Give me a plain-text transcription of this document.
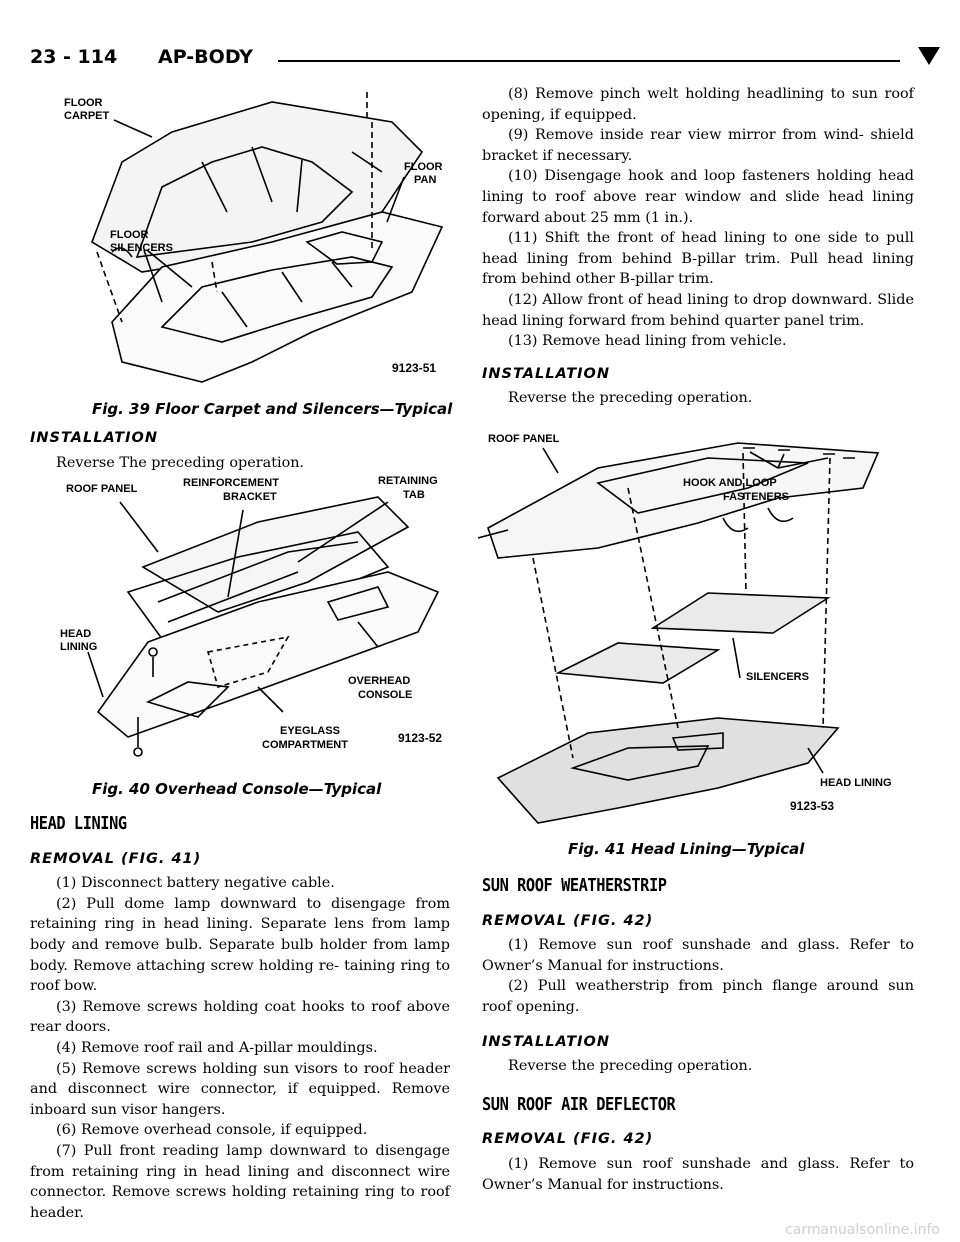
23 - 114 AP-BODY
FLOOR
CARPET
FLOOR
PAN
FLOOR
SILENCERS
9123-51
Fig. 39 Floor Carpet and Silencers—Typical
INSTALLATION

Reverse The preceding operation.

ROOF PANEL	REINFORCEMENT
BRACKET
RETAINING
TAB
HEAD
LINING
OVERHEAD
CONSOLE
EYEGLASS
COMPARTMENT	9123-52
Fig. 40 Overhead Console—Typical
HEAD LINING
REMOVAL (FIG. 41)

(1) Disconnect battery negative cable.

(2) Pull dome lamp downward to disengage from retaining ring in head lining. Separate lens from lamp body and remove bulb. Separate bulb holder from lamp body. Remove attaching screw holding re- taining ring to roof bow.

(3) Remove screws holding coat hooks to roof above rear doors.

(4) Remove roof rail and A-pillar mouldings.

(5) Remove screws holding sun visors to roof header and disconnect wire connector, if equipped. Remove inboard sun visor hangers.

(6) Remove overhead console, if equipped.

(7) Pull front reading lamp downward to disengage from retaining ring in head lining and disconnect wire connector. Remove screws holding retaining ring to roof header.

(8) Remove pinch welt holding headlining to sun roof opening, if equipped.

(9) Remove inside rear view mirror from wind- shield bracket if necessary.

(10) Disengage hook and loop fasteners holding head lining to roof above rear window and slide head lining forward about 25 mm (1 in.).

(11) Shift the front of head lining to one side to pull head lining from behind B-pillar trim. Pull head lining from behind other B-pillar trim.

(12) Allow front of head lining to drop downward. Slide head lining forward from behind quarter panel trim.

(13) Remove head lining from vehicle.

INSTALLATION

Reverse the preceding operation.

ROOF PANEL
HOOK AND LOOP
FASTENERS
SILENCERS
HEAD LINING
9123-53
Fig. 41 Head Lining—Typical
SUN ROOF WEATHERSTRIP
REMOVAL (FIG. 42)

(1) Remove sun roof sunshade and glass. Refer to Owner’s Manual for instructions.

(2) Pull weatherstrip from pinch flange around sun roof opening.

INSTALLATION

Reverse the preceding operation.

SUN ROOF AIR DEFLECTOR
REMOVAL (FIG. 42)

(1) Remove sun roof sunshade and glass. Refer to Owner’s Manual for instructions.

carmanualsonline.info
